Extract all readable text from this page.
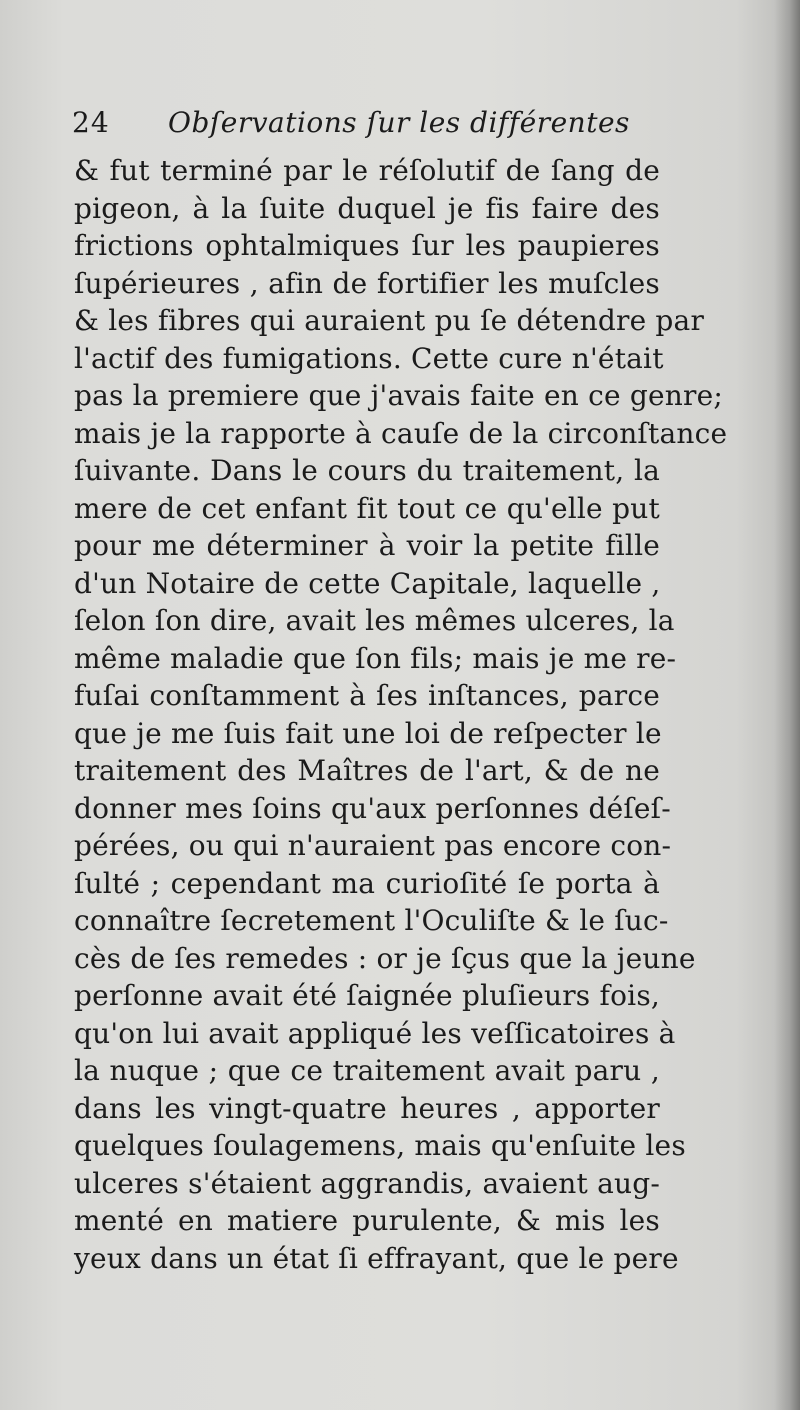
24	Obſervations ſur les différentes
& fut terminé par le réſolutif de ſang de
pigeon, à la ſuite duquel je fis faire des
frictions ophtalmiques ſur les paupieres
ſupérieures , afin de fortifier les muſcles
& les fibres qui auraient pu ſe détendre par
l'actif des fumigations. Cette cure n'était
pas la premiere que j'avais faite en ce genre;
mais je la rapporte à cauſe de la circonſtance
ſuivante. Dans le cours du traitement, la
mere de cet enfant fit tout ce qu'elle put
pour me déterminer à voir la petite fille
d'un Notaire de cette Capitale, laquelle ,
ſelon ſon dire, avait les mêmes ulceres, la
même maladie que ſon fils; mais je me re-
fuſai conſtamment à ſes inſtances, parce
que je me ſuis fait une loi de reſpecter le
traitement des Maîtres de l'art, & de ne
donner mes ſoins qu'aux perſonnes déſeſ-
pérées, ou qui n'auraient pas encore con-
ſulté ; cependant ma curioſité ſe porta à
connaître ſecretement l'Oculiſte & le ſuc-
cès de ſes remedes : or je ſçus que la jeune
perſonne avait été ſaignée pluſieurs fois,
qu'on lui avait appliqué les veſſicatoires à
la nuque ; que ce traitement avait paru ,
dans les vingt-quatre heures , apporter
quelques ſoulagemens, mais qu'enſuite les
ulceres s'étaient aggrandis, avaient aug-
menté en matiere purulente, & mis les
yeux dans un état ſi effrayant, que le pere
